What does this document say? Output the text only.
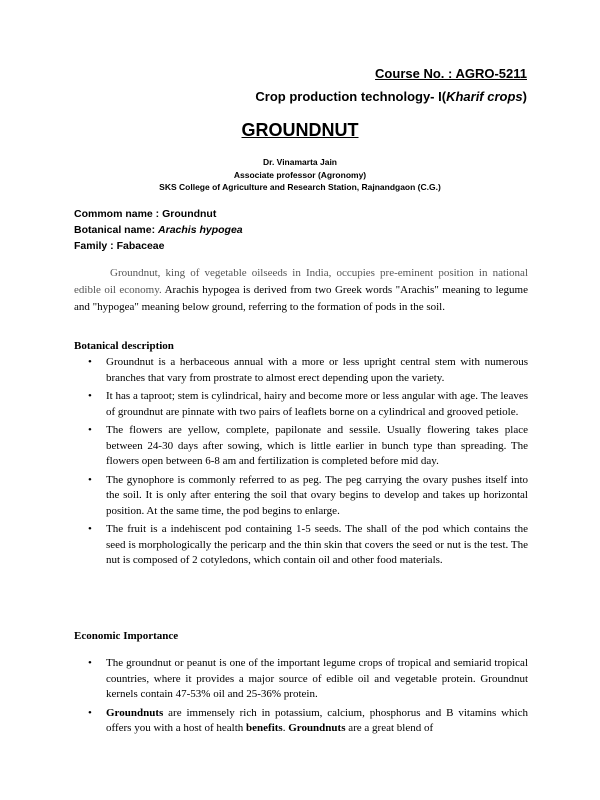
Course No. : AGRO-5211
Crop production technology- I(Kharif crops)
GROUNDNUT
Dr. Vinamarta Jain
Associate professor (Agronomy)
SKS College of Agriculture and Research Station, Rajnandgaon (C.G.)
Commom name : Groundnut
Botanical name: Arachis hypogea
Family : Fabaceae

Groundnut, king of vegetable oilseeds in India, occupies pre-eminent position in national edible oil economy. Arachis hypogea is derived from two Greek words "Arachis" meaning to legume and "hypogea" meaning below ground, referring to the formation of pods in the soil.

Botanical description
• Groundnut is a herbaceous annual with a more or less upright central stem with numerous branches that vary from prostrate to almost erect depending upon the variety.
• It has a taproot; stem is cylindrical, hairy and become more or less angular with age. The leaves of groundnut are pinnate with two pairs of leaflets borne on a cylindrical and grooved petiole.
• The flowers are yellow, complete, papilonate and sessile. Usually flowering takes place between 24-30 days after sowing, which is little earlier in bunch type than spreading. The flowers open between 6-8 am and fertilization is completed before mid day.
• The gynophore is commonly referred to as peg. The peg carrying the ovary pushes itself into the soil. It is only after entering the soil that ovary begins to develop and takes up horizontal position. At the same time, the pod begins to enlarge.
• The fruit is a indehiscent pod containing 1-5 seeds. The shall of the pod which contains the seed is morphologically the pericarp and the thin skin that covers the seed or nut is the test. The nut is composed of 2 cotyledons, which contain oil and other food materials.
Economic Importance
• The groundnut or peanut is one of the important legume crops of tropical and semiarid tropical countries, where it provides a major source of edible oil and vegetable protein. Groundnut kernels contain 47-53% oil and 25-36% protein.
• Groundnuts are immensely rich in potassium, calcium, phosphorus and B vitamins which offers you with a host of health benefits. Groundnuts are a great blend of
